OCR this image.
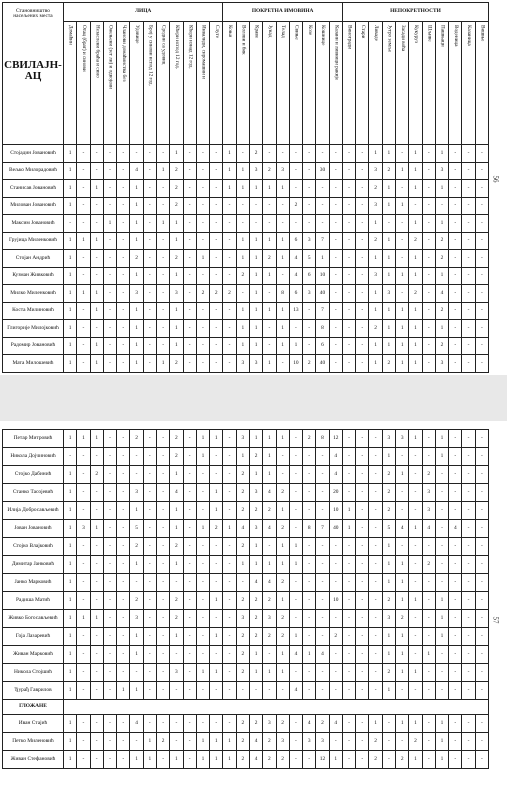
Становништво насељених места
СВИЛАЈН-АЦ	ЛИЦА												ПОКРЕТНА ИМОВИНА									НЕПОКРЕТНОСТИ										

	Домаћин	Отац (брат) и синови	Незаслени браћа и сино	Ожењени (зет ли) и одвојени	Чланови домаћинства без	Удовице	Број у синови испод 12 год.	Сродни са удовиц	Кћери испод 12 год.	Кћери изнад 12 год.	Инвалиди, сиромашни и	Слуге	Коњи	Волови и бик	Краве	Јунад	Телад	Свиње	Козе	Кошнице	Казани и ливници ракије	Виногради	Стари	Ливаде	Јутро земље	Засади воћа	Кукуруз	Шљиве	Пашњаци	Воденица	Казаница	Вишње

Стојадин Јовановић	1	-	-	-	-	-	-	-	1	-	-	-	1	-	2	-	-	-	-	-	-	-	-	1	1	-	1	-	1	-	-	-
Вељко Милорадовић	1	-	-	-	-	4	-	1	2	-	-	-	1	1	3	2	3	-	-	30	-	-	-	3	2	1	1	-	3	-	-	-
Станисав Јовановић	1	-	1	-	-	1	-	-	2	-	-	-	1	1	1	1	1	-	-	-	-	-	-	2	1	-	1	-	1	-	-	-
Милован Јовановић	1	-	-	-	-	1	-	-	2	-	-	-	-	-	-	-	-	2	-	-	-	-	-	3	1	1	-	-	-	-	-	-
Максим Јовановић	-	-	-	1	-	1	-	1	1	-	-	-	-	-	-	-	-	-	-	-	-	-	-	1	-	-	1	-	1	-	-	-
Грујица Миленковић	1	1	1	-	-	1	-	-	1	-	-	-	-	1	1	1	1	6	3	7	-	-	-	2	1	-	2	-	2	-	-	-
Стојан Андрић	1	-	-	-	-	2	-	-	2	-	1	-	-	1	1	2	1	4	5	1	-	-	-	1	1	-	1	-	2	-	-	-
Кузман Живковић	1	-	-	-	-	1	-	-	1	-	-	-	-	2	1	1	-	4	6	10	-	-	-	3	1	1	1	-	1	-	-	-
Милко Миленковић	1	1	1	-	-	3	-	-	3	-	2	2	2	-	1	-	8	6	3	40	-	-	-	1	3	-	2	-	4	-	-	-
Коста Милиновић	1	-	1	-	-	1	-	-	1	-	-	-	-	1	1	1	1	13	-	7	-	-	-	1	1	1	1	-	2	-	-	-
Глигорије Милојковић	1	-	-	-	-	1	-	-	1	-	-	-	-	1	1	-	1	-	-	8	-	-	-	2	1	1	1	-	1	-	-	-
Радомир Јовановић	1	-	1	-	-	1	-	-	1	-	-	-	-	1	1	-	1	1	-	6	-	-	-	1	1	1	1	-	2	-	-	-
Мата Милошевић	1	-	1	-	-	1	-	1	2	-	-	-	-	3	3	1	-	10	2	40	-	-	-	1	2	1	1	-	3	-	-	-
56
Петар Митровић	1	1	1	-	-	2	-	-	2	-	1	1	-	3	1	1	1	-	2	8	12	-	-	-	3	3	1	-	1	-	-	-
Никола Дојчиновић	-	-	-	-	-	-	-	-	2	-	1	-	-	1	2	1	-	-	-	-	4	-	-	-	1	-	-	-	1	-	-	-
Стојко Дабинић	1	-	2	-	-	-	-	-	1	-	-	-	-	2	1	1	-	-	-	-	4	-	-	-	2	1	-	2	-	-	-	-
Станко Тасојевић	1	-	-	-	-	3	-	-	4	-	-	1	-	2	3	4	2	-	-	-	20	-	-	-	2	-	-	3	-	-	-	-
Илија Добросављевић	1	-	-	-	-	1	-	-	1	-	-	1	-	2	2	2	1	-	-	-	10	1	-	-	2	-	-	3	-	-	-	-
Јован Јовановић	1	3	1	-	-	5	-	-	1	-	1	2	1	4	3	4	2	-	8	7	40	1	-	-	5	4	1	4	-	4	-	-
Стојко Влајковић	1	-	-	-	-	2	-	-	2	-	-	-	-	2	1	-	1	1	-	-	-	-	-	-	1	-	-	-	-	-	-	-
Димитар Јанковић	1	-	-	-	-	1	-	-	1	-	-	-	-	1	1	1	1	1	-	-	-	-	-	-	1	1	-	2	-	-	-	-
Јанко Марковић	1	-	-	-	-	-	-	-	-	-	-	-	-	-	4	4	2	-	-	-	-	-	-	-	1	1	-	-	-	-	-	-
Радиша Матић	1	-	-	-	-	2	-	-	2	-	-	1	-	2	2	2	1	-	-	-	10	-	-	-	2	1	1	-	1	-	-	-
Живко Богосављевић	1	1	1	-	-	3	-	-	2	-	-	-	-	3	2	3	2	-	-	-	-	-	-	-	3	2	-	-	1	-	-	-
Гоја Лазаревић	1	-	-	-	-	1	-	-	1	-	-	1	-	2	2	2	2	1	-	-	2	-	-	-	1	1	-	-	1	-	-	-
Живан Марковић	1	-	-	-	-	1	-	-	-	-	-	-	-	2	1	-	1	4	1	4	-	-	-	-	1	1	-	1	-	-	-	-
Никола Стојшић	1	-	-	-	-	-	-	-	3	-	1	1	-	2	1	1	1	-	-	-	-	-	-	-	2	1	1	-	-	-	-	-
Ђурађ Гаврилов	1	-	-	-	1	1	-	-	-	-	-	-	-	-	-	-	-	4	-	-	-	-	-	-	1	-	-	-	-	-	-	-
ГЛОЖАНЕ																																
Иван Стајић	1	-	-	-	-	4	-	-	-	-	-	-	-	2	2	3	2	-	4	2	4	-	-	1	-	1	1	-	1	-	-	-
Петко Миленовић	1	-	-	-	-	-	1	2	-	-	1	1	1	2	4	2	3	-	3	3	-	-	-	2	-	-	2	-	1	-	-	-
Живан Стефановић	1	-	-	-	-	1	1	-	1	-	1	1	1	2	4	2	2	-	-	12	1	-	-	2	-	2	1	-	1	-	-	-
57
